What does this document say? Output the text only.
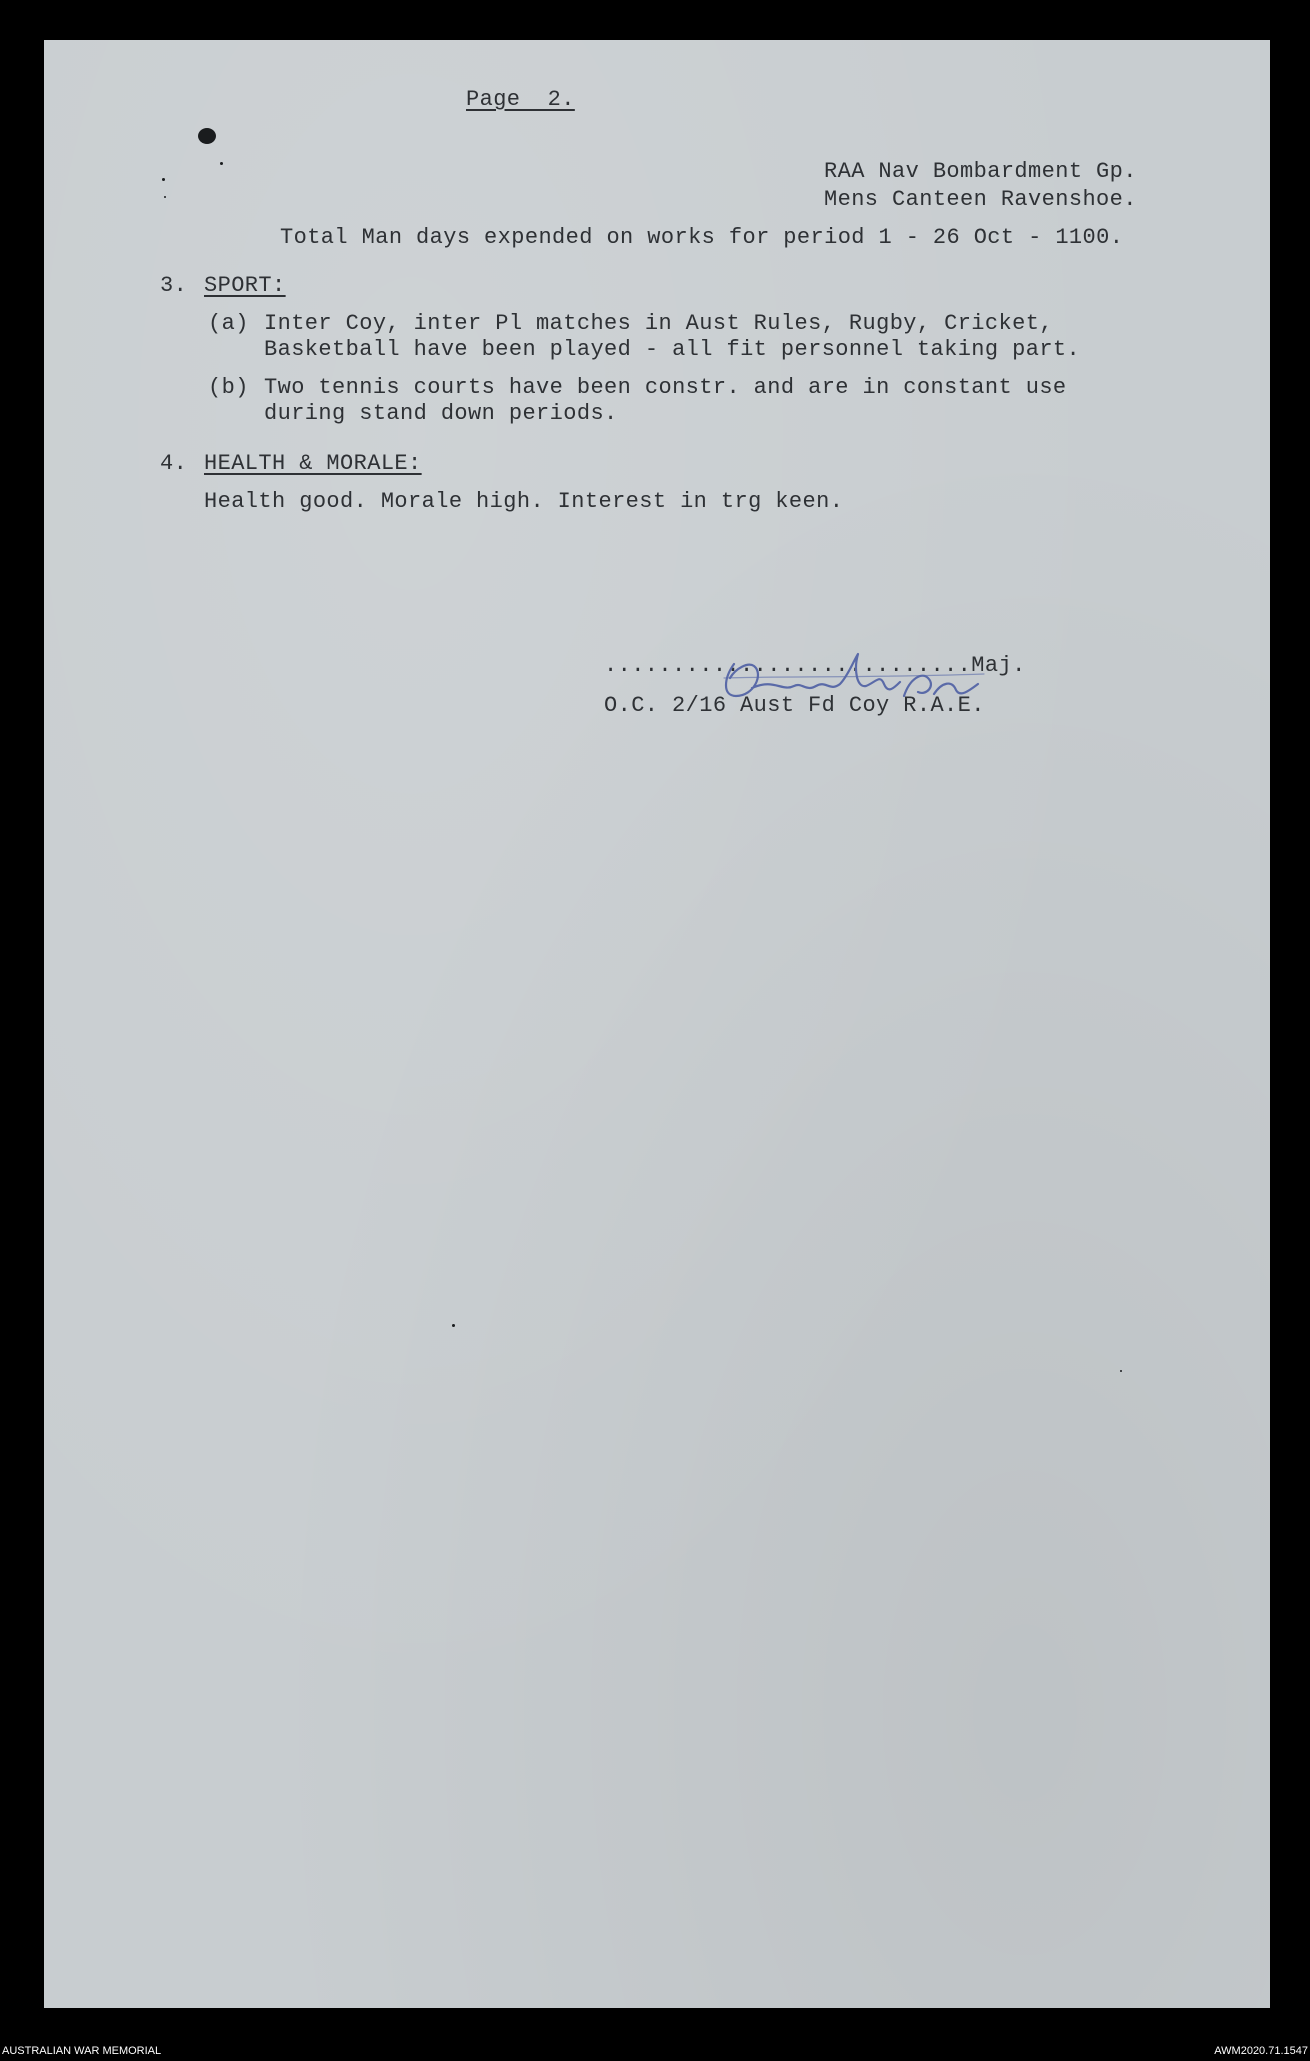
Page  2.
RAA Nav Bombardment Gp.
Mens Canteen Ravenshoe.
Total Man days expended on works for period 1 - 26 Oct - 1100.
3. SPORT:
(a) Inter Coy, inter Pl matches in Aust Rules, Rugby, Cricket,
Basketball have been played - all fit personnel taking part.
(b) Two tennis courts have been constr. and are in constant use
during stand down periods.
4. HEALTH & MORALE:
Health good. Morale high. Interest in trg keen.
...........................Maj.
O.C. 2/16 Aust Fd Coy R.A.E.
AUSTRALIAN WAR MEMORIAL	AWM2020.71.1547
